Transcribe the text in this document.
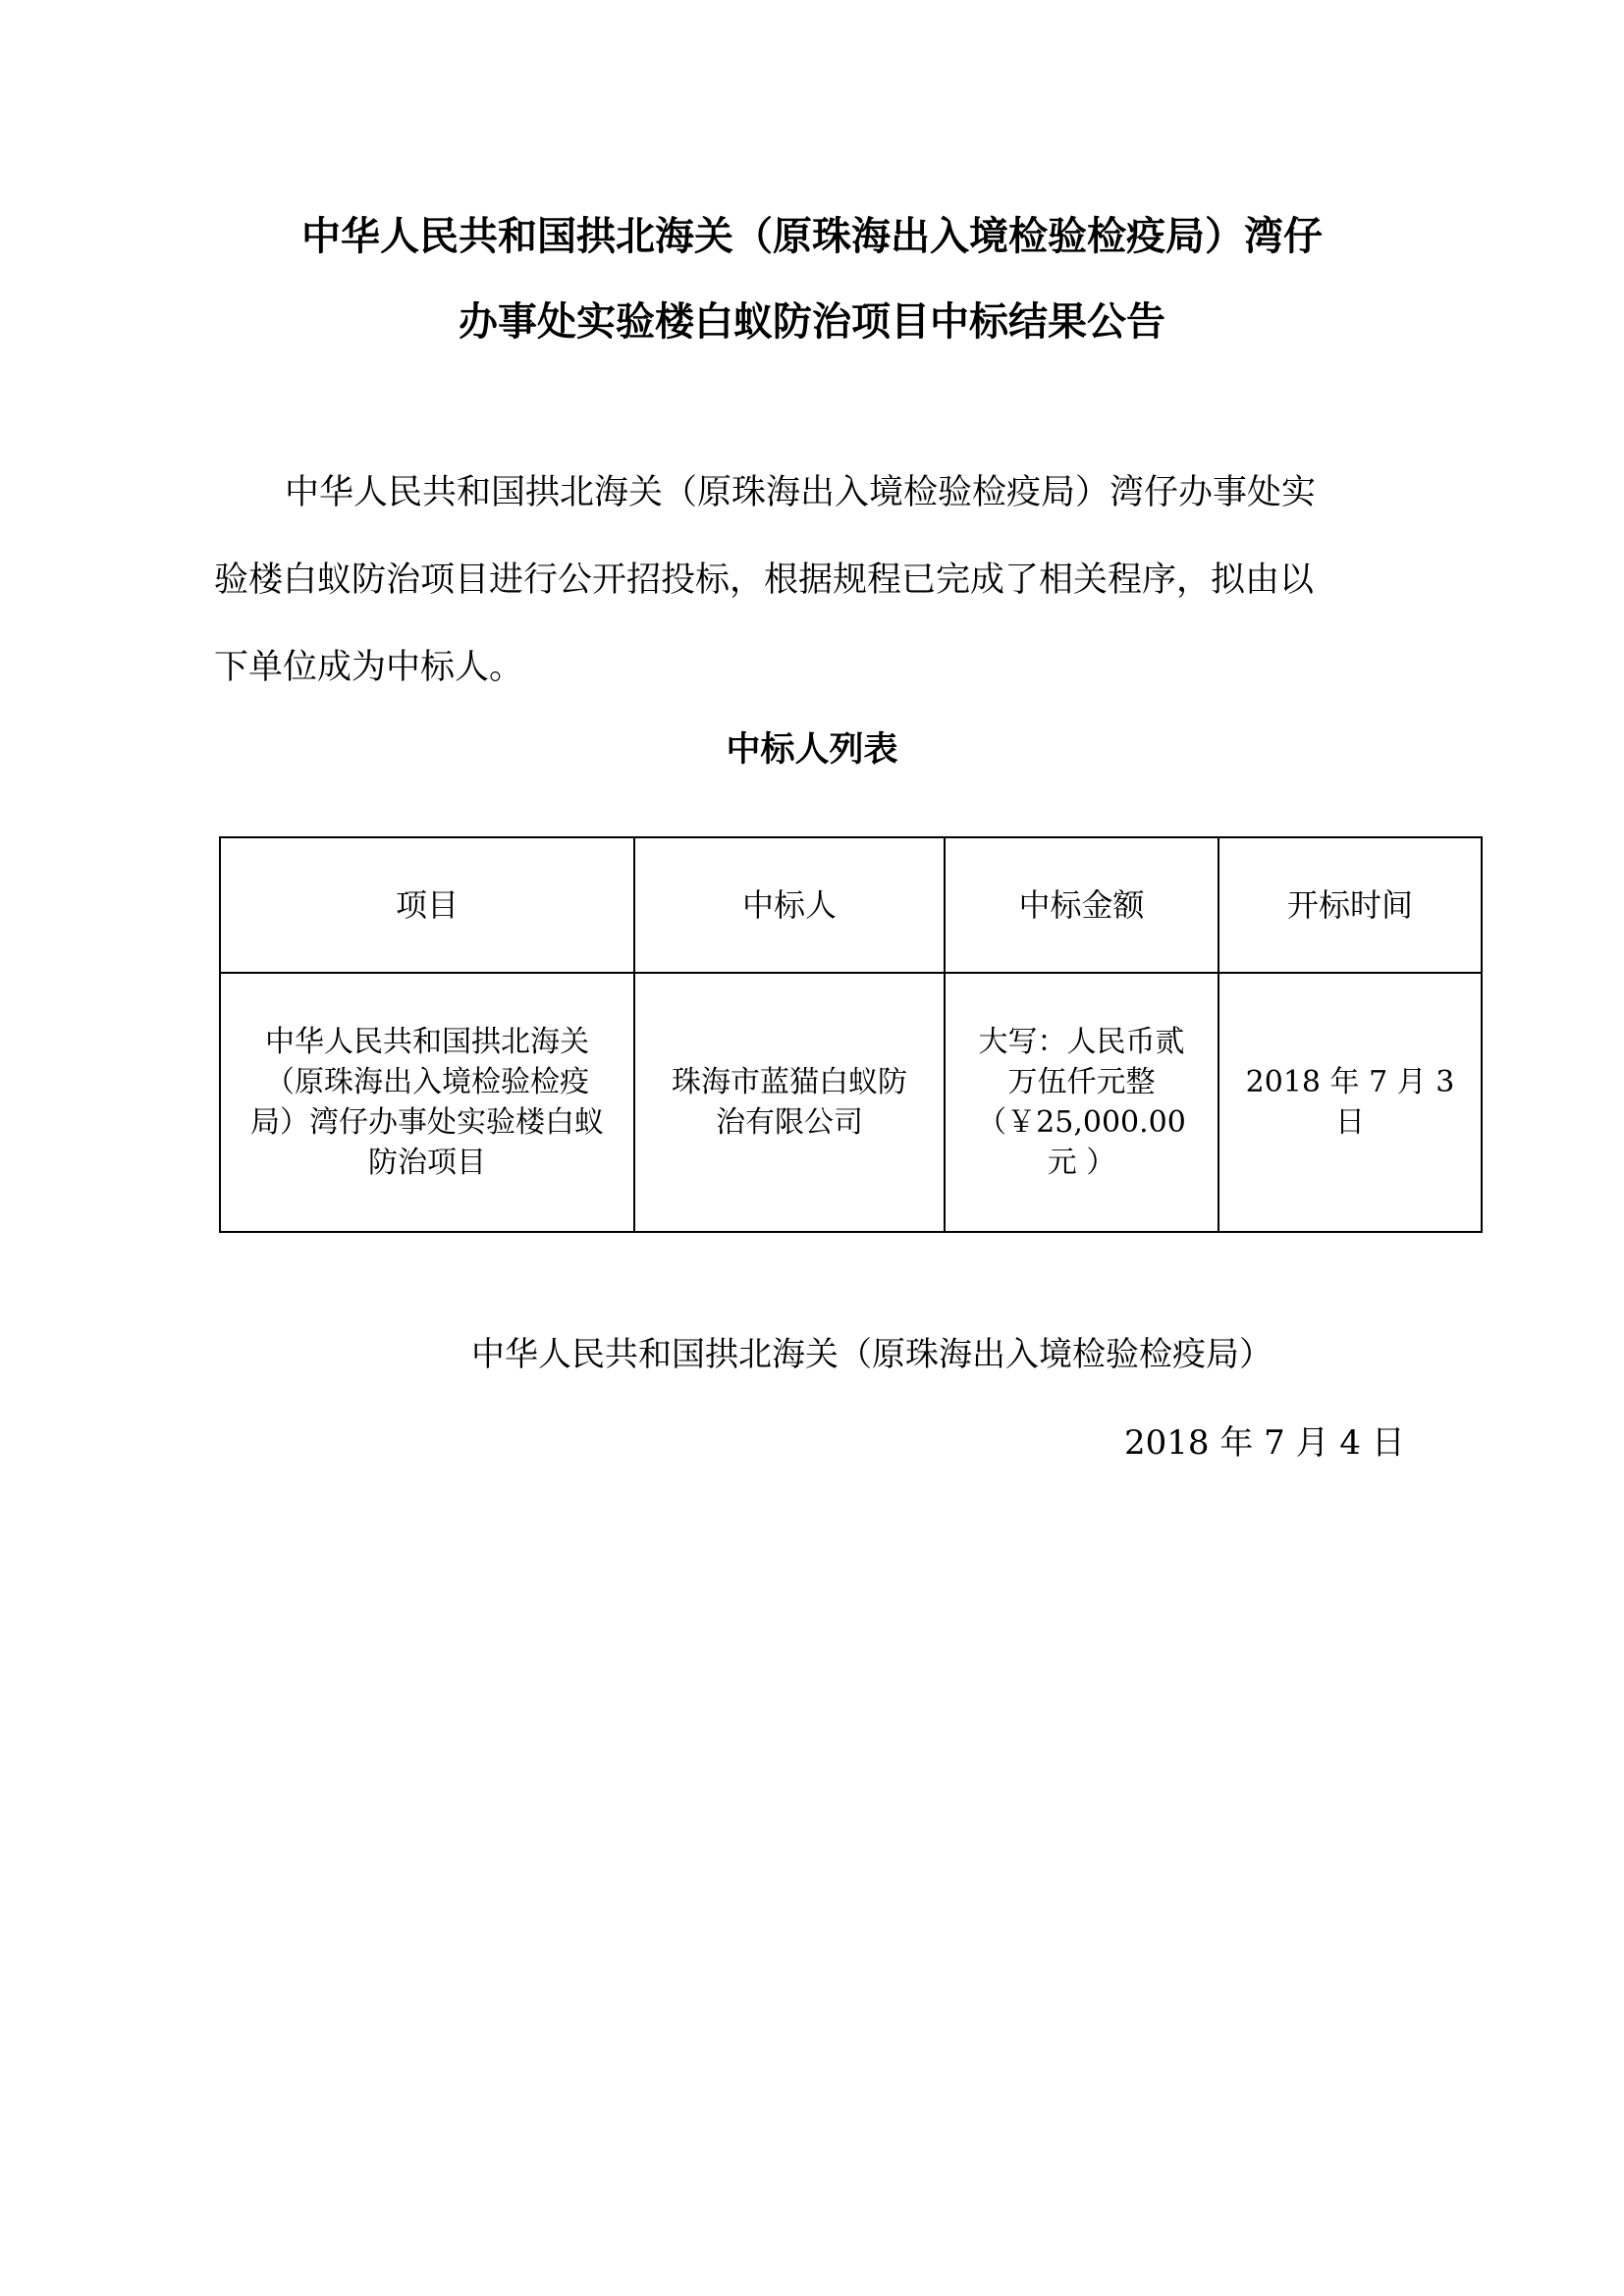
中华人民共和国拱北海关（原珠海出入境检验检疫局）湾仔
办事处实验楼白蚁防治项目中标结果公告
中华人民共和国拱北海关（原珠海出入境检验检疫局）湾仔办事处实
验楼白蚁防治项目进行公开招投标，根据规程已完成了相关程序，拟由以
下单位成为中标人。
中标人列表
项目	中标人	中标金额	开标时间
中华人民共和国拱北海关
（原珠海出入境检验检疫
局）湾仔办事处实验楼白蚁
防治项目	珠海市蓝猫白蚁防
治有限公司	大写：人民币贰
万伍仟元整
（￥25,000.00
元 ）	2018 年 7 月 3 日
中华人民共和国拱北海关（原珠海出入境检验检疫局）
2018 年 7 月 4 日
